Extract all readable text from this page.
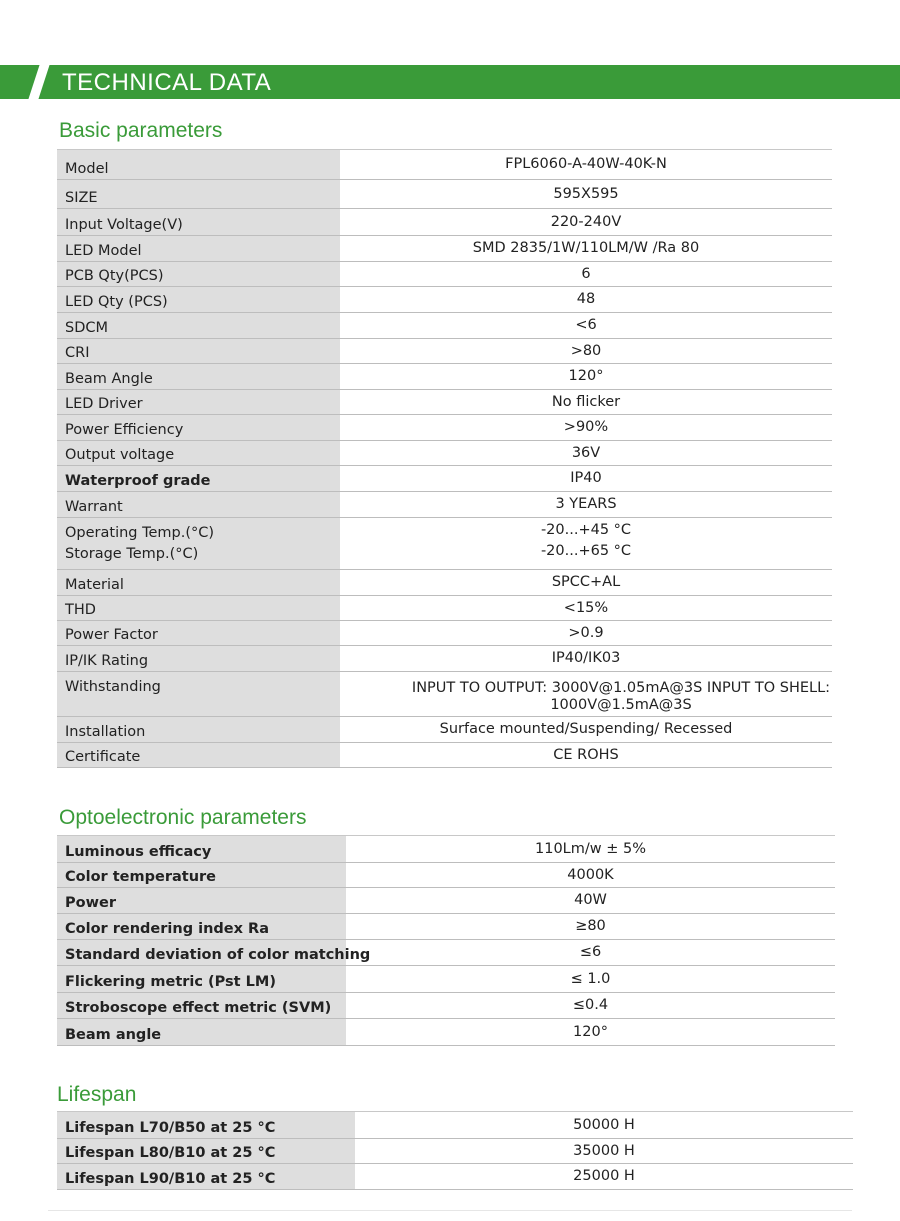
TECHNICAL DATA
Basic parameters
Model	FPL6060-A-40W-40K-N
SIZE	595X595
Input Voltage(V)	220-240V
LED Model	SMD 2835/1W/110LM/W /Ra 80
PCB Qty(PCS)	6
LED Qty (PCS)	48
SDCM	<6
CRI	>80
Beam Angle	120°
LED Driver	No flicker
Power Efficiency	>90%
Output voltage	36V
Waterproof grade	IP40
Warrant	3 YEARS
Operating Temp.(°C)	-20...+45 °C
Storage Temp.(°C)	-20...+65 °C
Material	SPCC+AL
THD	<15%
Power Factor	>0.9
IP/IK Rating	IP40/IK03
Withstanding	INPUT TO OUTPUT: 3000V@1.05mA@3S INPUT TO SHELL: 1000V@1.5mA@3S
Installation	Surface mounted/Suspending/ Recessed
Certificate	CE ROHS
Optoelectronic parameters
Luminous efficacy	110Lm/w ± 5%
Color temperature	4000K
Power	40W
Color rendering index Ra	≥80
Standard deviation of color matching	≤6
Flickering metric (Pst LM)	≤ 1.0
Stroboscope effect metric (SVM)	≤0.4
Beam angle	120°
Lifespan
Lifespan L70/B50 at 25 °C	50000 H
Lifespan L80/B10 at 25 °C	35000 H
Lifespan L90/B10 at 25 °C	25000 H
